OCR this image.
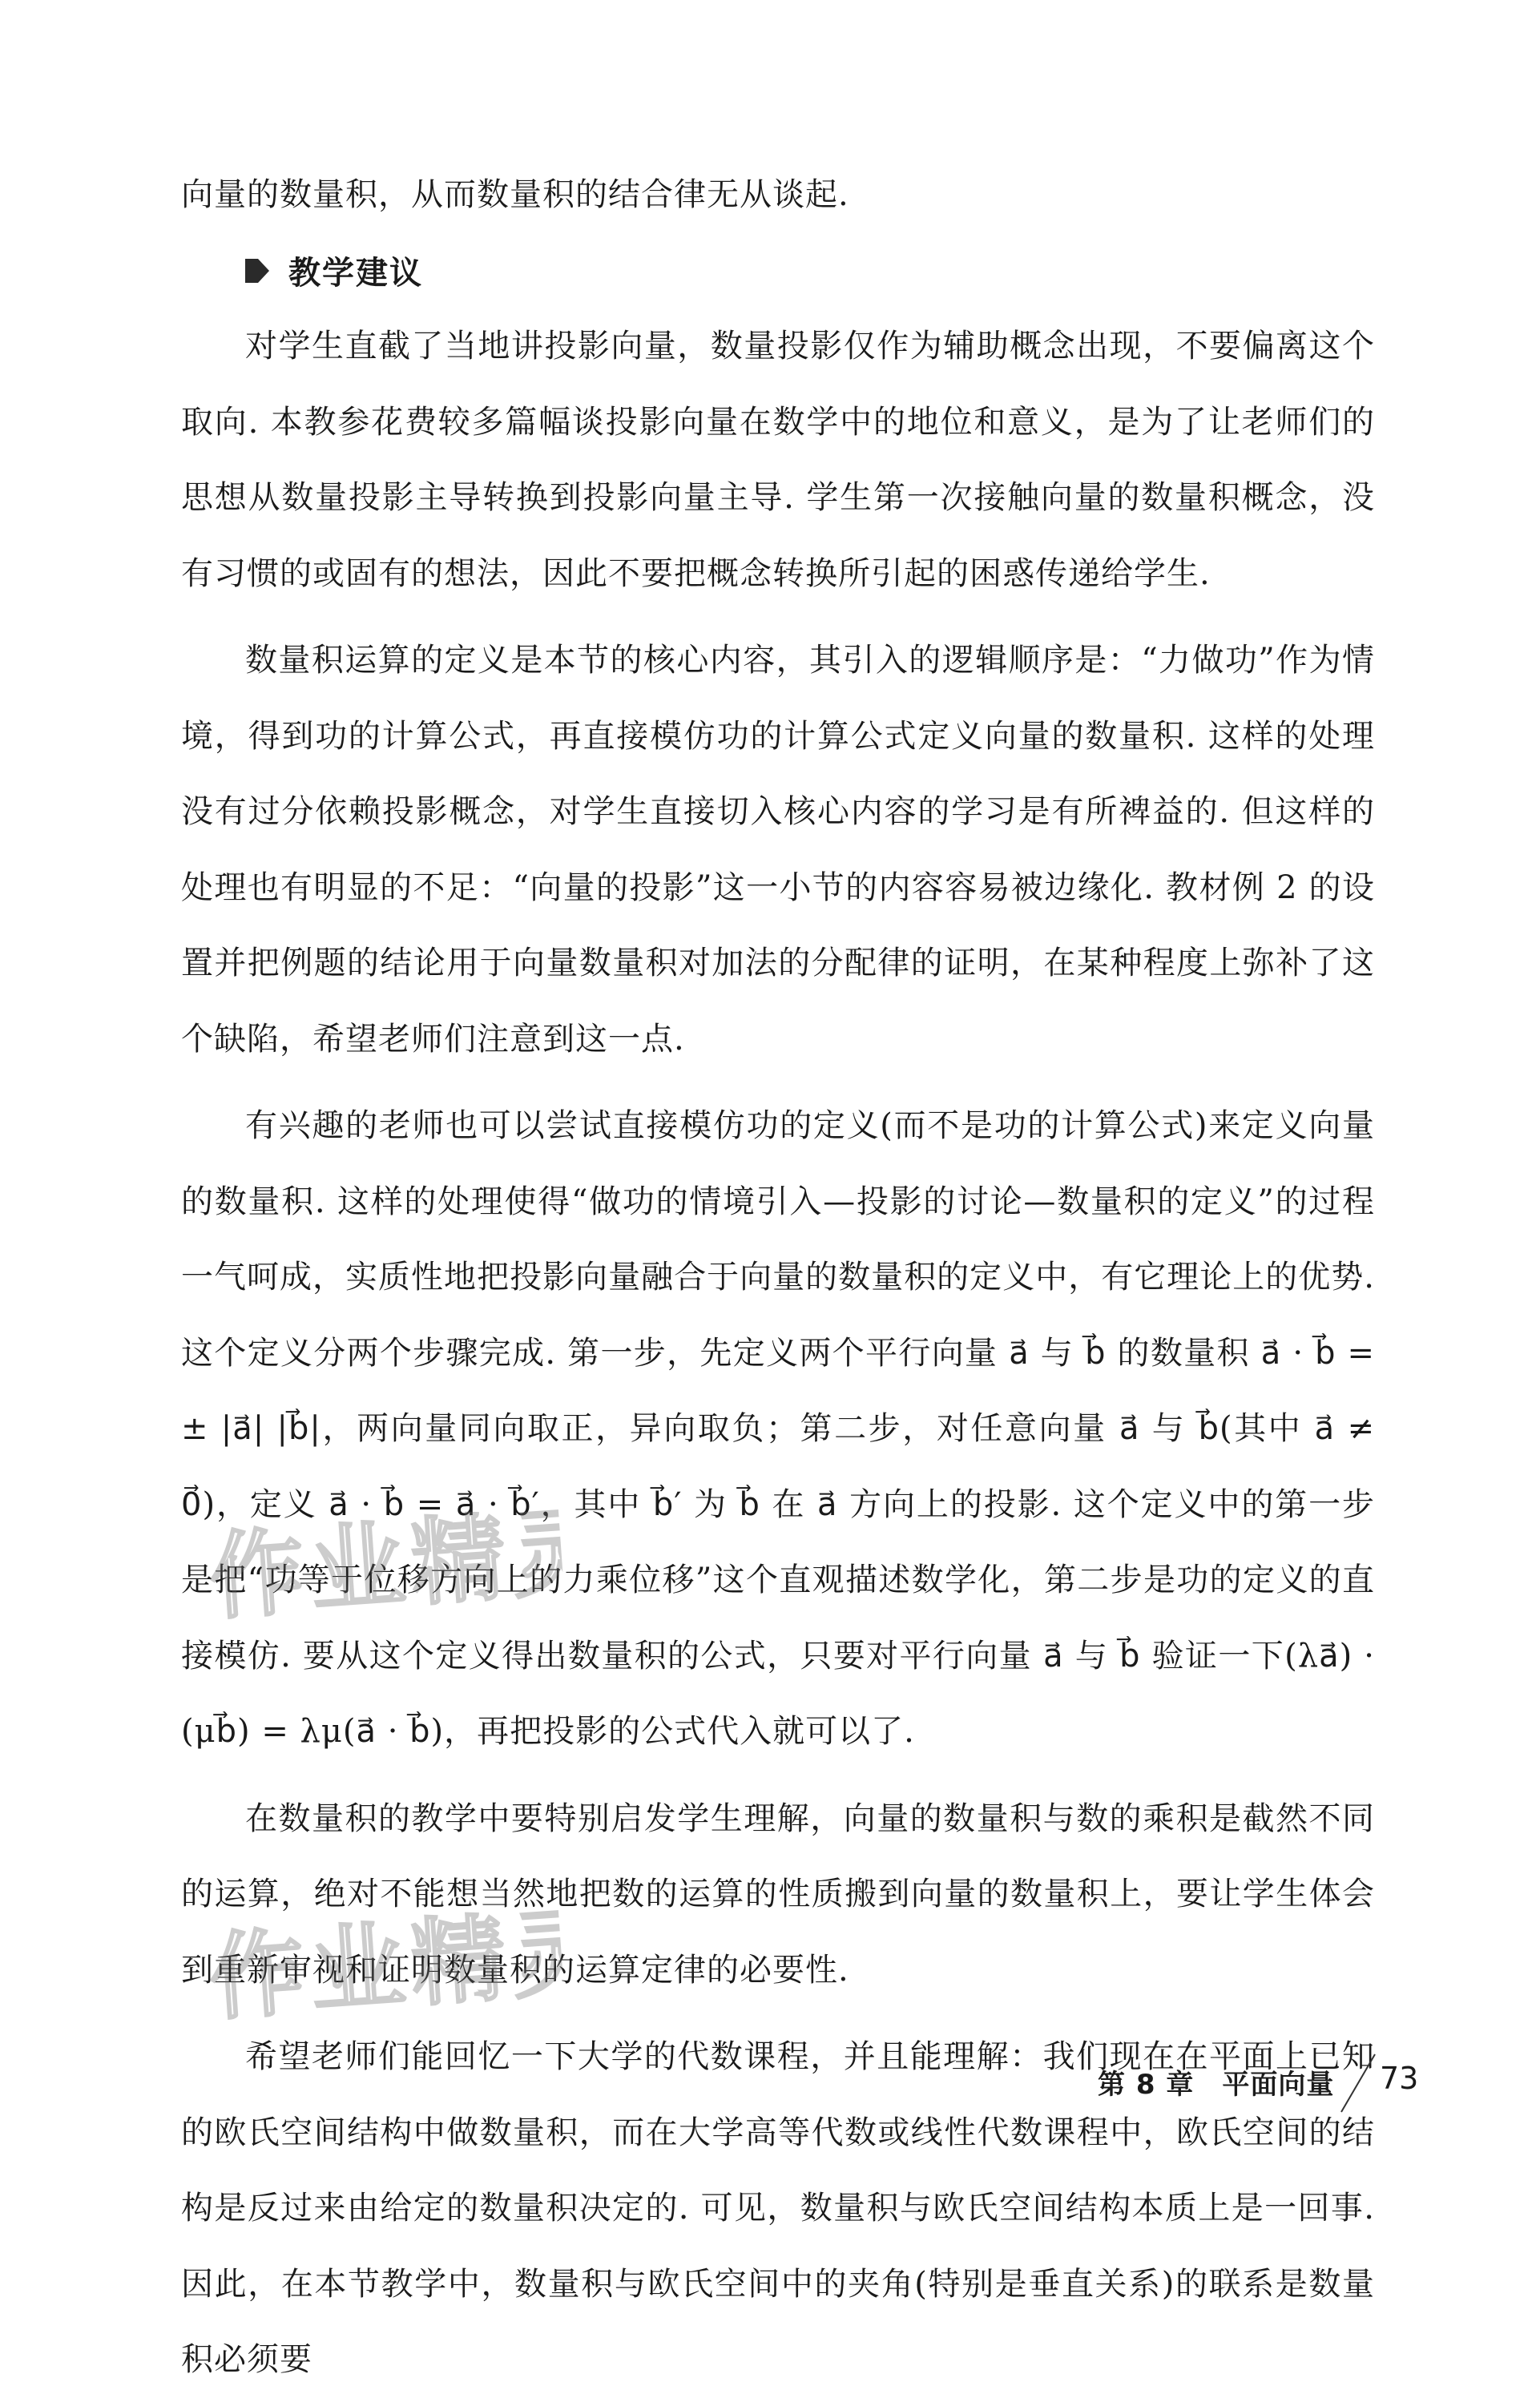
向量的数量积，从而数量积的结合律无从谈起.

教学建议

对学生直截了当地讲投影向量，数量投影仅作为辅助概念出现，不要偏离这个取向. 本教参花费较多篇幅谈投影向量在数学中的地位和意义，是为了让老师们的思想从数量投影主导转换到投影向量主导. 学生第一次接触向量的数量积概念，没有习惯的或固有的想法，因此不要把概念转换所引起的困惑传递给学生.

数量积运算的定义是本节的核心内容，其引入的逻辑顺序是：“力做功”作为情境，得到功的计算公式，再直接模仿功的计算公式定义向量的数量积. 这样的处理没有过分依赖投影概念，对学生直接切入核心内容的学习是有所裨益的. 但这样的处理也有明显的不足：“向量的投影”这一小节的内容容易被边缘化. 教材例 2 的设置并把例题的结论用于向量数量积对加法的分配律的证明，在某种程度上弥补了这个缺陷，希望老师们注意到这一点.

有兴趣的老师也可以尝试直接模仿功的定义(而不是功的计算公式)来定义向量的数量积. 这样的处理使得“做功的情境引入—投影的讨论—数量积的定义”的过程一气呵成，实质性地把投影向量融合于向量的数量积的定义中，有它理论上的优势. 这个定义分两个步骤完成. 第一步，先定义两个平行向量 a⃗ 与 b⃗ 的数量积 a⃗ · b⃗ = ± |a⃗| |b⃗|，两向量同向取正，异向取负；第二步，对任意向量 a⃗ 与 b⃗(其中 a⃗ ≠ 0⃗)，定义 a⃗ · b⃗ = a⃗ · b⃗′，其中 b⃗′ 为 b⃗ 在 a⃗ 方向上的投影. 这个定义中的第一步是把“功等于位移方向上的力乘位移”这个直观描述数学化，第二步是功的定义的直接模仿. 要从这个定义得出数量积的公式，只要对平行向量 a⃗ 与 b⃗ 验证一下(λa⃗) · (μb⃗) = λμ(a⃗ · b⃗)，再把投影的公式代入就可以了.

在数量积的教学中要特别启发学生理解，向量的数量积与数的乘积是截然不同的运算，绝对不能想当然地把数的运算的性质搬到向量的数量积上，要让学生体会到重新审视和证明数量积的运算定律的必要性.

希望老师们能回忆一下大学的代数课程，并且能理解：我们现在在平面上已知的欧氏空间结构中做数量积，而在大学高等代数或线性代数课程中，欧氏空间的结构是反过来由给定的数量积决定的. 可见，数量积与欧氏空间结构本质上是一回事. 因此，在本节教学中，数量积与欧氏空间中的夹角(特别是垂直关系)的联系是数量积必须要

作业精灵
作业精灵
第 8 章　平面向量 73
